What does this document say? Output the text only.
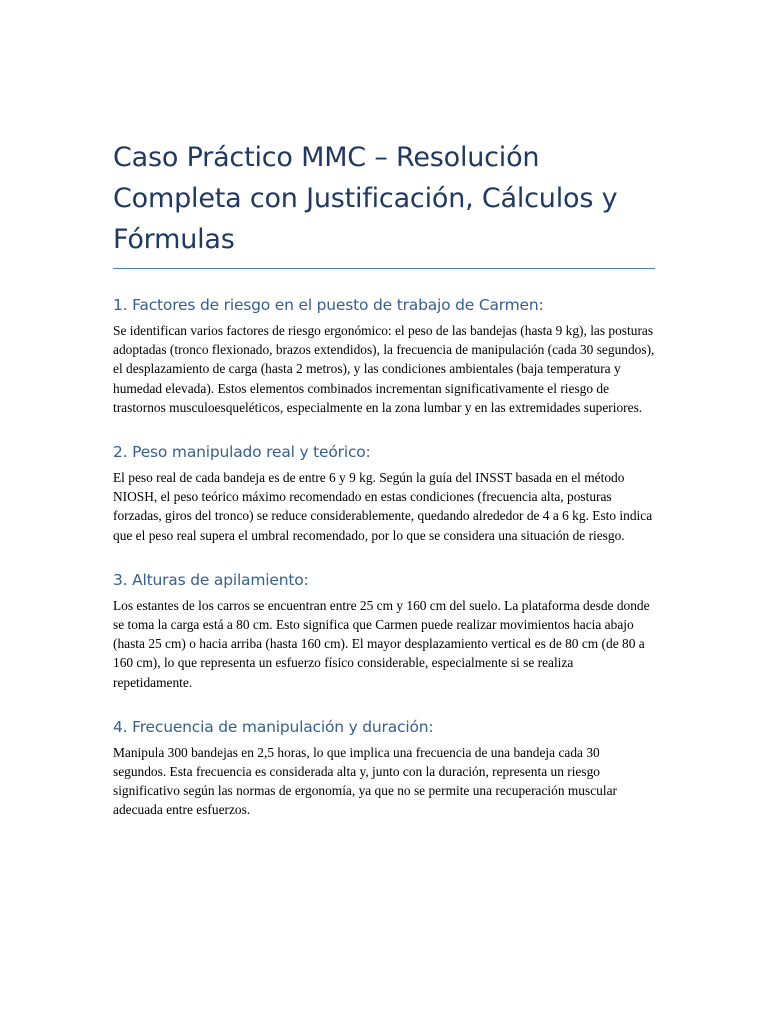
Caso Práctico MMC – Resolución Completa con Justificación, Cálculos y Fórmulas
1. Factores de riesgo en el puesto de trabajo de Carmen:

Se identifican varios factores de riesgo ergonómico: el peso de las bandejas (hasta 9 kg), las posturas adoptadas (tronco flexionado, brazos extendidos), la frecuencia de manipulación (cada 30 segundos), el desplazamiento de carga (hasta 2 metros), y las condiciones ambientales (baja temperatura y humedad elevada). Estos elementos combinados incrementan significativamente el riesgo de trastornos musculoesqueléticos, especialmente en la zona lumbar y en las extremidades superiores.

2. Peso manipulado real y teórico:

El peso real de cada bandeja es de entre 6 y 9 kg. Según la guía del INSST basada en el método NIOSH, el peso teórico máximo recomendado en estas condiciones (frecuencia alta, posturas forzadas, giros del tronco) se reduce considerablemente, quedando alrededor de 4 a 6 kg. Esto indica que el peso real supera el umbral recomendado, por lo que se considera una situación de riesgo.

3. Alturas de apilamiento:

Los estantes de los carros se encuentran entre 25 cm y 160 cm del suelo. La plataforma desde donde se toma la carga está a 80 cm. Esto significa que Carmen puede realizar movimientos hacia abajo (hasta 25 cm) o hacia arriba (hasta 160 cm). El mayor desplazamiento vertical es de 80 cm (de 80 a 160 cm), lo que representa un esfuerzo físico considerable, especialmente si se realiza repetidamente.

4. Frecuencia de manipulación y duración:

Manipula 300 bandejas en 2,5 horas, lo que implica una frecuencia de una bandeja cada 30 segundos. Esta frecuencia es considerada alta y, junto con la duración, representa un riesgo significativo según las normas de ergonomía, ya que no se permite una recuperación muscular adecuada entre esfuerzos.
